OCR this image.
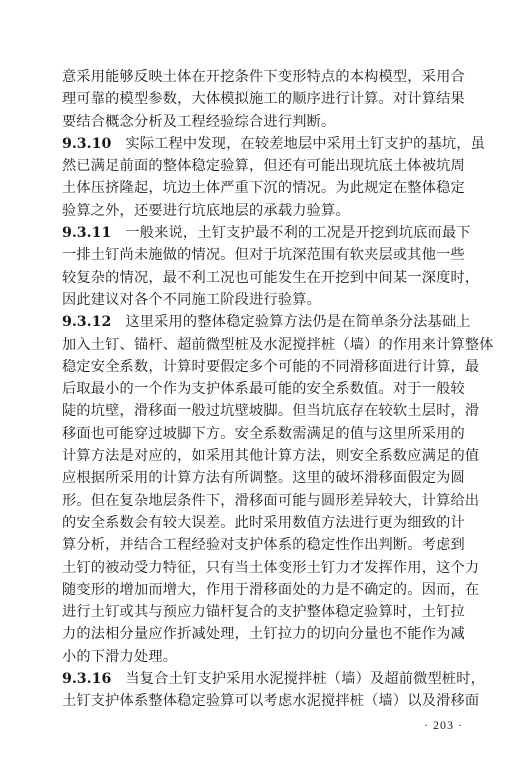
意采用能够反映土体在开挖条件下变形特点的本构模型，采用合
理可靠的模型参数，大体模拟施工的顺序进行计算。对计算结果
要结合概念分析及工程经验综合进行判断。
9.3.10 实际工程中发现，在较差地层中采用土钉支护的基坑，虽
然已满足前面的整体稳定验算，但还有可能出现坑底土体被坑周
土体压挤隆起，坑边土体严重下沉的情况。为此规定在整体稳定
验算之外，还要进行坑底地层的承载力验算。
9.3.11 一般来说，土钉支护最不利的工况是开挖到坑底而最下
一排土钉尚未施做的情况。但对于坑深范围有软夹层或其他一些
较复杂的情况，最不利工况也可能发生在开挖到中间某一深度时，
因此建议对各个不同施工阶段进行验算。
9.3.12 这里采用的整体稳定验算方法仍是在简单条分法基础上
加入土钉、锚杆、超前微型桩及水泥搅拌桩（墙）的作用来计算整体
稳定安全系数，计算时要假定多个可能的不同滑移面进行计算，最
后取最小的一个作为支护体系最可能的安全系数值。对于一般较
陡的坑壁，滑移面一般过坑壁坡脚。但当坑底存在较软土层时，滑
移面也可能穿过坡脚下方。安全系数需满足的值与这里所采用的
计算方法是对应的，如采用其他计算方法，则安全系数应满足的值
应根据所采用的计算方法有所调整。这里的破坏滑移面假定为圆
形。但在复杂地层条件下，滑移面可能与圆形差异较大，计算给出
的安全系数会有较大误差。此时采用数值方法进行更为细致的计
算分析，并结合工程经验对支护体系的稳定性作出判断。考虑到
土钉的被动受力特征，只有当土体变形土钉力才发挥作用，这个力
随变形的增加而增大，作用于滑移面处的力是不确定的。因而，在
进行土钉或其与预应力锚杆复合的支护整体稳定验算时，土钉拉
力的法相分量应作折减处理，土钉拉力的切向分量也不能作为减
小的下滑力处理。
9.3.16 当复合土钉支护采用水泥搅拌桩（墙）及超前微型桩时，
土钉支护体系整体稳定验算可以考虑水泥搅拌桩（墙）以及滑移面
· 203 ·
